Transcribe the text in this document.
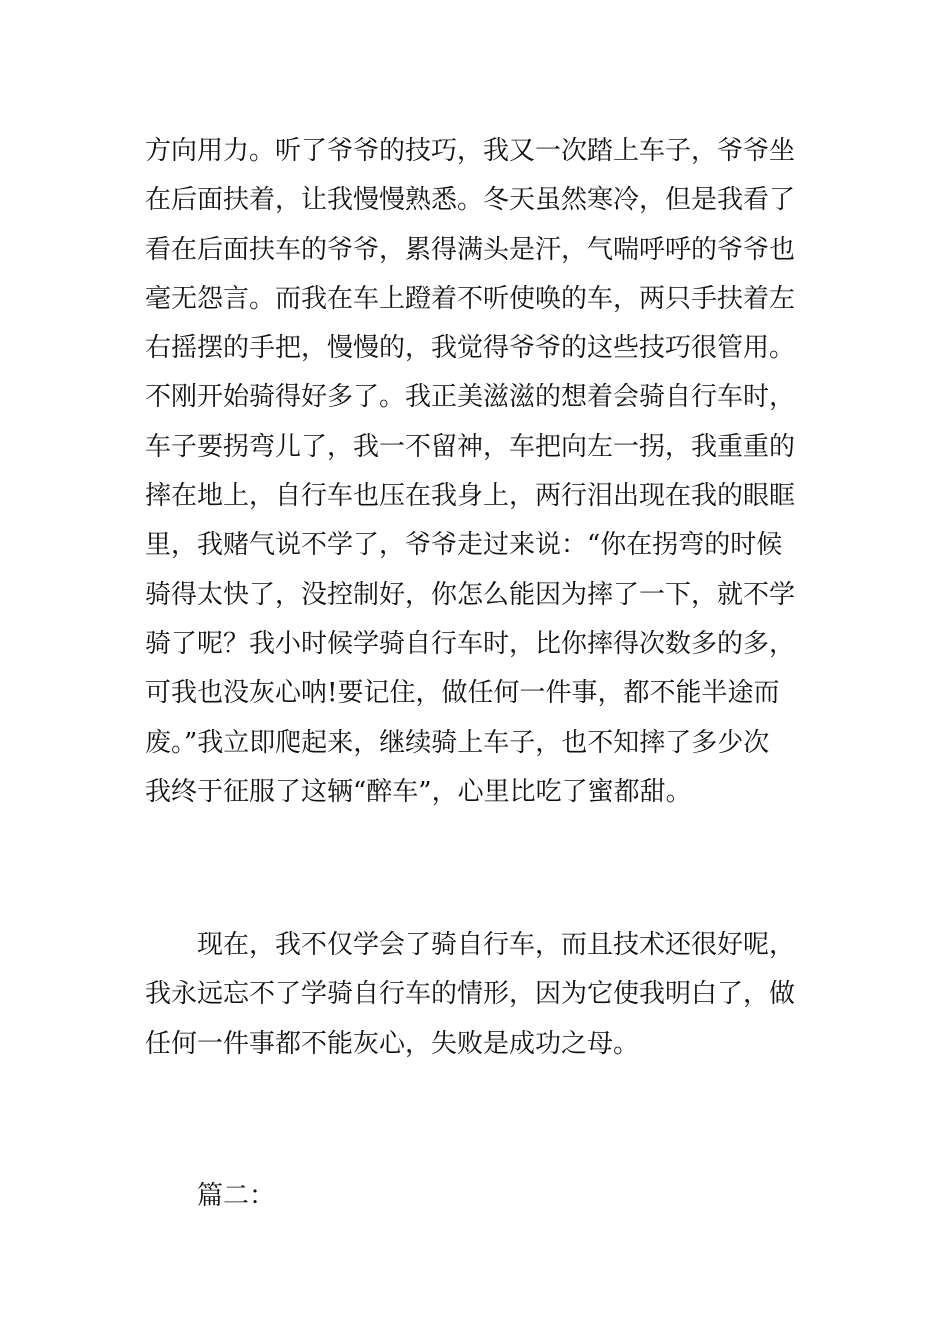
方向用力。听了爷爷的技巧，我又一次踏上车子，爷爷坐
在后面扶着，让我慢慢熟悉。冬天虽然寒冷，但是我看了
看在后面扶车的爷爷，累得满头是汗，气喘呼呼的爷爷也
毫无怨言。而我在车上蹬着不听使唤的车，两只手扶着左
右摇摆的手把，慢慢的，我觉得爷爷的这些技巧很管用。
不刚开始骑得好多了。我正美滋滋的想着会骑自行车时，
车子要拐弯儿了，我一不留神，车把向左一拐，我重重的
摔在地上，自行车也压在我身上，两行泪出现在我的眼眶
里，我赌气说不学了，爷爷走过来说：“你在拐弯的时候
骑得太快了，没控制好，你怎么能因为摔了一下，就不学
骑了呢？我小时候学骑自行车时，比你摔得次数多的多，
可我也没灰心呐!要记住，做任何一件事，都不能半途而
废。”我立即爬起来，继续骑上车子，也不知摔了多少次
我终于征服了这辆“醉车”，心里比吃了蜜都甜。
　　现在，我不仅学会了骑自行车，而且技术还很好呢，
我永远忘不了学骑自行车的情形，因为它使我明白了，做
任何一件事都不能灰心，失败是成功之母。
　　篇二：
